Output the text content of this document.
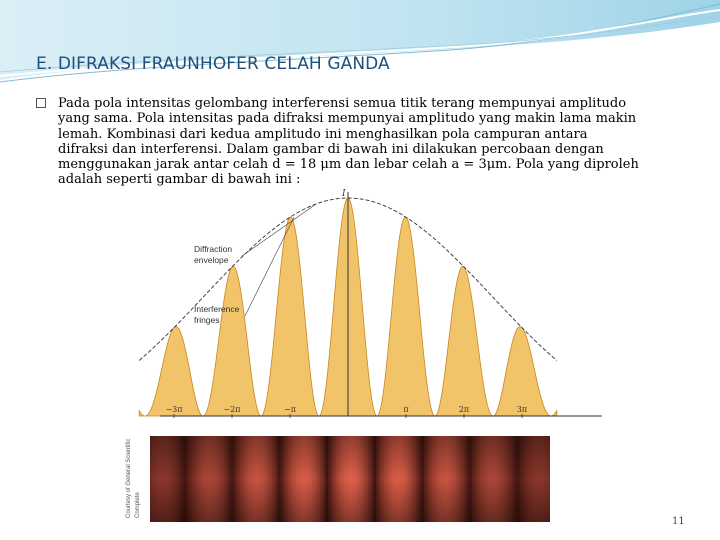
E. DIFRAKSI FRAUNHOFER CELAH GANDA

Pada pola intensitas gelombang interferensi semua titik terang mempunyai amplitudo

yang sama. Pola intensitas pada difraksi mempunyai amplitudo yang makin lama makin

lemah. Kombinasi dari kedua amplitudo ini menghasilkan pola campuran antara

difraksi dan interferensi. Dalam gambar di bawah ini dilakukan percobaan dengan

menggunakan jarak antar celah d = 18 μm dan lebar celah a = 3μm. Pola yang diproleh

adalah seperti gambar di bawah ini :

I
−3π	−2π	−π	π	2π	3π
Diffraction
envelope
Interference
fringes
Courtesy of General Scientific Complete
11
